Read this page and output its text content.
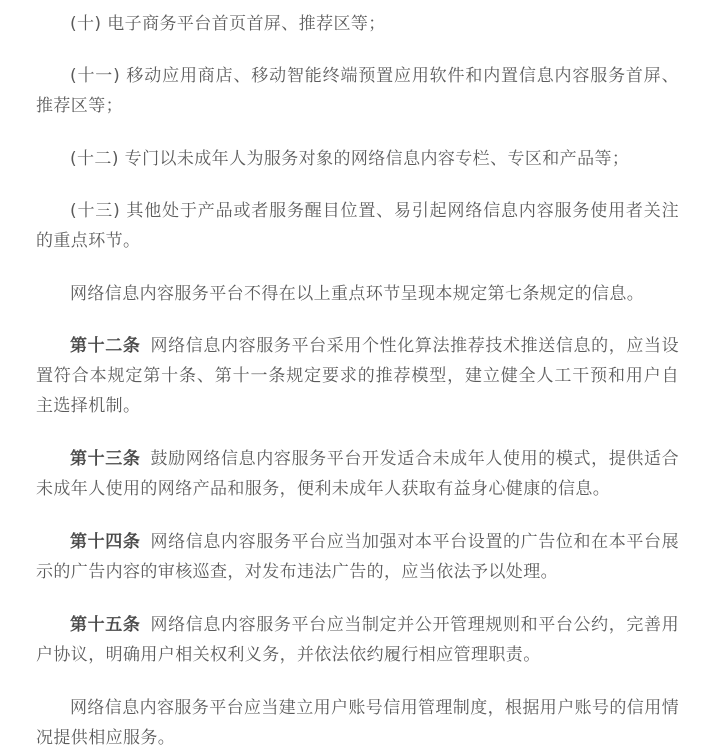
(十) 电子商务平台首页首屏、推荐区等；

(十一) 移动应用商店、移动智能终端预置应用软件和内置信息内容服务首屏、推荐区等；

(十二) 专门以未成年人为服务对象的网络信息内容专栏、专区和产品等；

(十三) 其他处于产品或者服务醒目位置、易引起网络信息内容服务使用者关注的重点环节。

网络信息内容服务平台不得在以上重点环节呈现本规定第七条规定的信息。

第十二条 网络信息内容服务平台采用个性化算法推荐技术推送信息的，应当设置符合本规定第十条、第十一条规定要求的推荐模型，建立健全人工干预和用户自主选择机制。

第十三条 鼓励网络信息内容服务平台开发适合未成年人使用的模式，提供适合未成年人使用的网络产品和服务，便利未成年人获取有益身心健康的信息。

第十四条 网络信息内容服务平台应当加强对本平台设置的广告位和在本平台展示的广告内容的审核巡查，对发布违法广告的，应当依法予以处理。

第十五条 网络信息内容服务平台应当制定并公开管理规则和平台公约，完善用户协议，明确用户相关权利义务，并依法依约履行相应管理职责。

网络信息内容服务平台应当建立用户账号信用管理制度，根据用户账号的信用情况提供相应服务。
